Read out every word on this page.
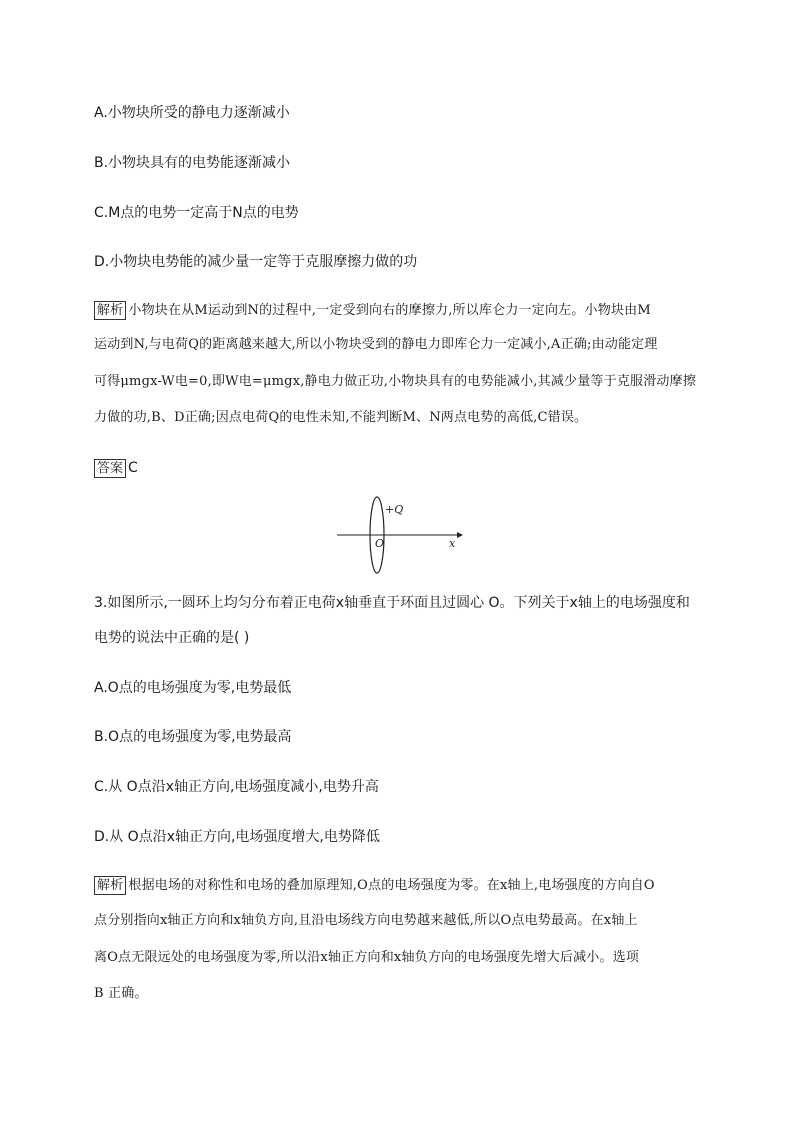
A.小物块所受的静电力逐渐减小
B.小物块具有的电势能逐渐减小
C.M点的电势一定高于N点的电势
D.小物块电势能的减少量一定等于克服摩擦力做的功
解析 小物块在从M运动到N的过程中,一定受到向右的摩擦力,所以库仑力一定向左。小物块由M
运动到N,与电荷Q的距离越来越大,所以小物块受到的静电力即库仑力一定减小,A正确;由动能定理
可得μmgx-W电=0,即W电=μmgx,静电力做正功,小物块具有的电势能减小,其减少量等于克服滑动摩擦
力做的功,B、D正确;因点电荷Q的电性未知,不能判断M、N两点电势的高低,C错误。
答案 C
+Q
O	x
3.如图所示,一圆环上均匀分布着正电荷x轴垂直于环面且过圆心 O。下列关于x轴上的电场强度和
电势的说法中正确的是( )
A.O点的电场强度为零,电势最低
B.O点的电场强度为零,电势最高
C.从 O点沿x轴正方向,电场强度减小,电势升高
D.从 O点沿x轴正方向,电场强度增大,电势降低
解析 根据电场的对称性和电场的叠加原理知,O点的电场强度为零。在x轴上,电场强度的方向自O
点分别指向x轴正方向和x轴负方向,且沿电场线方向电势越来越低,所以O点电势最高。在x轴上
离O点无限远处的电场强度为零,所以沿x轴正方向和x轴负方向的电场强度先增大后减小。选项
B 正确。
